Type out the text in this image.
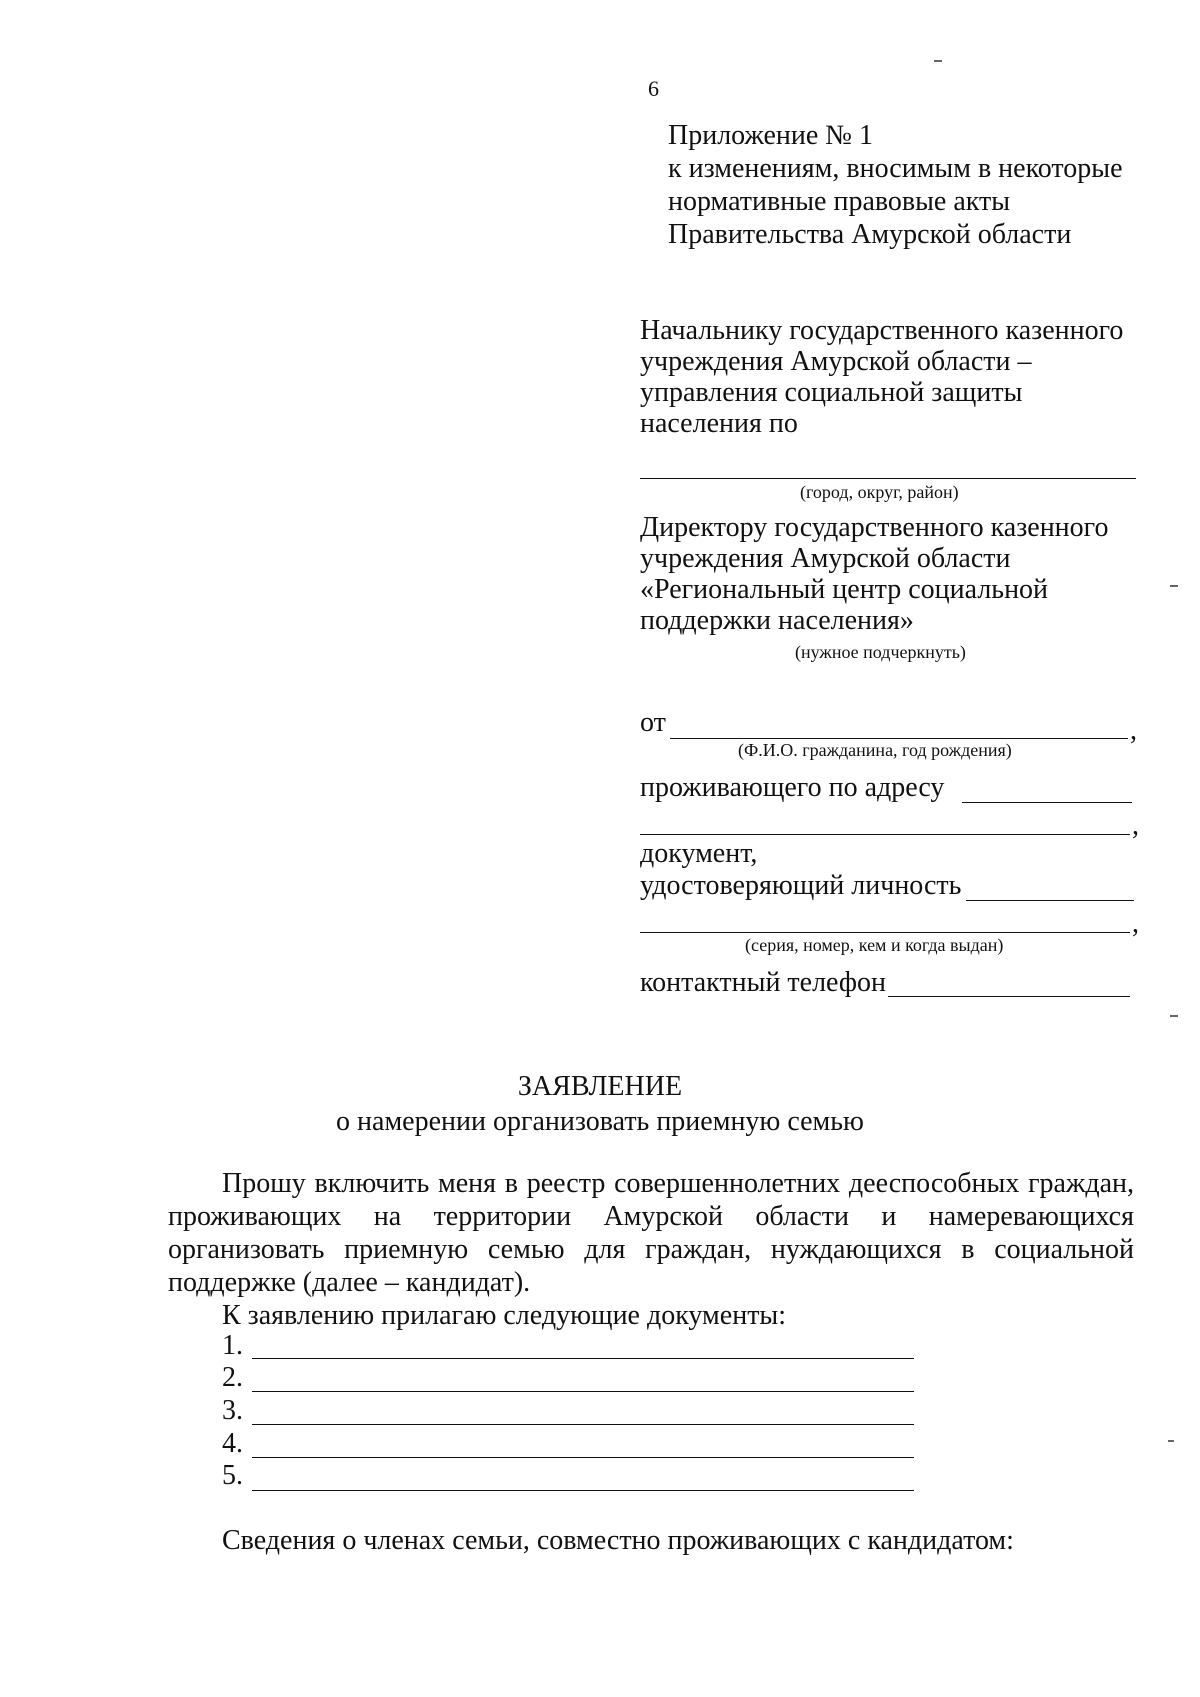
6
Приложение № 1
к изменениям, вносимым в некоторые
нормативные правовые акты
Правительства Амурской области
Начальнику государственного казенного
учреждения Амурской области –
управления социальной защиты
населения по
(город, округ, район)
Директору государственного казенного
учреждения Амурской области
«Региональный центр социальной
поддержки населения»
(нужное подчеркнуть)
от	,
(Ф.И.О. гражданина, год рождения)
проживающего по адресу
,
документ,
удостоверяющий личность
,
(серия, номер, кем и когда выдан)
контактный телефон
ЗАЯВЛЕНИЕ
о намерении организовать приемную семью

Прошу включить меня в реестр совершеннолетних дееспособных граждан, проживающих на территории Амурской области и намеревающихся организовать приемную семью для граждан, нуждающихся в социальной поддержке (далее – кандидат).

К заявлению прилагаю следующие документы:
1.
2.
3.
4.
5.
Сведения о членах семьи, совместно проживающих с кандидатом:
